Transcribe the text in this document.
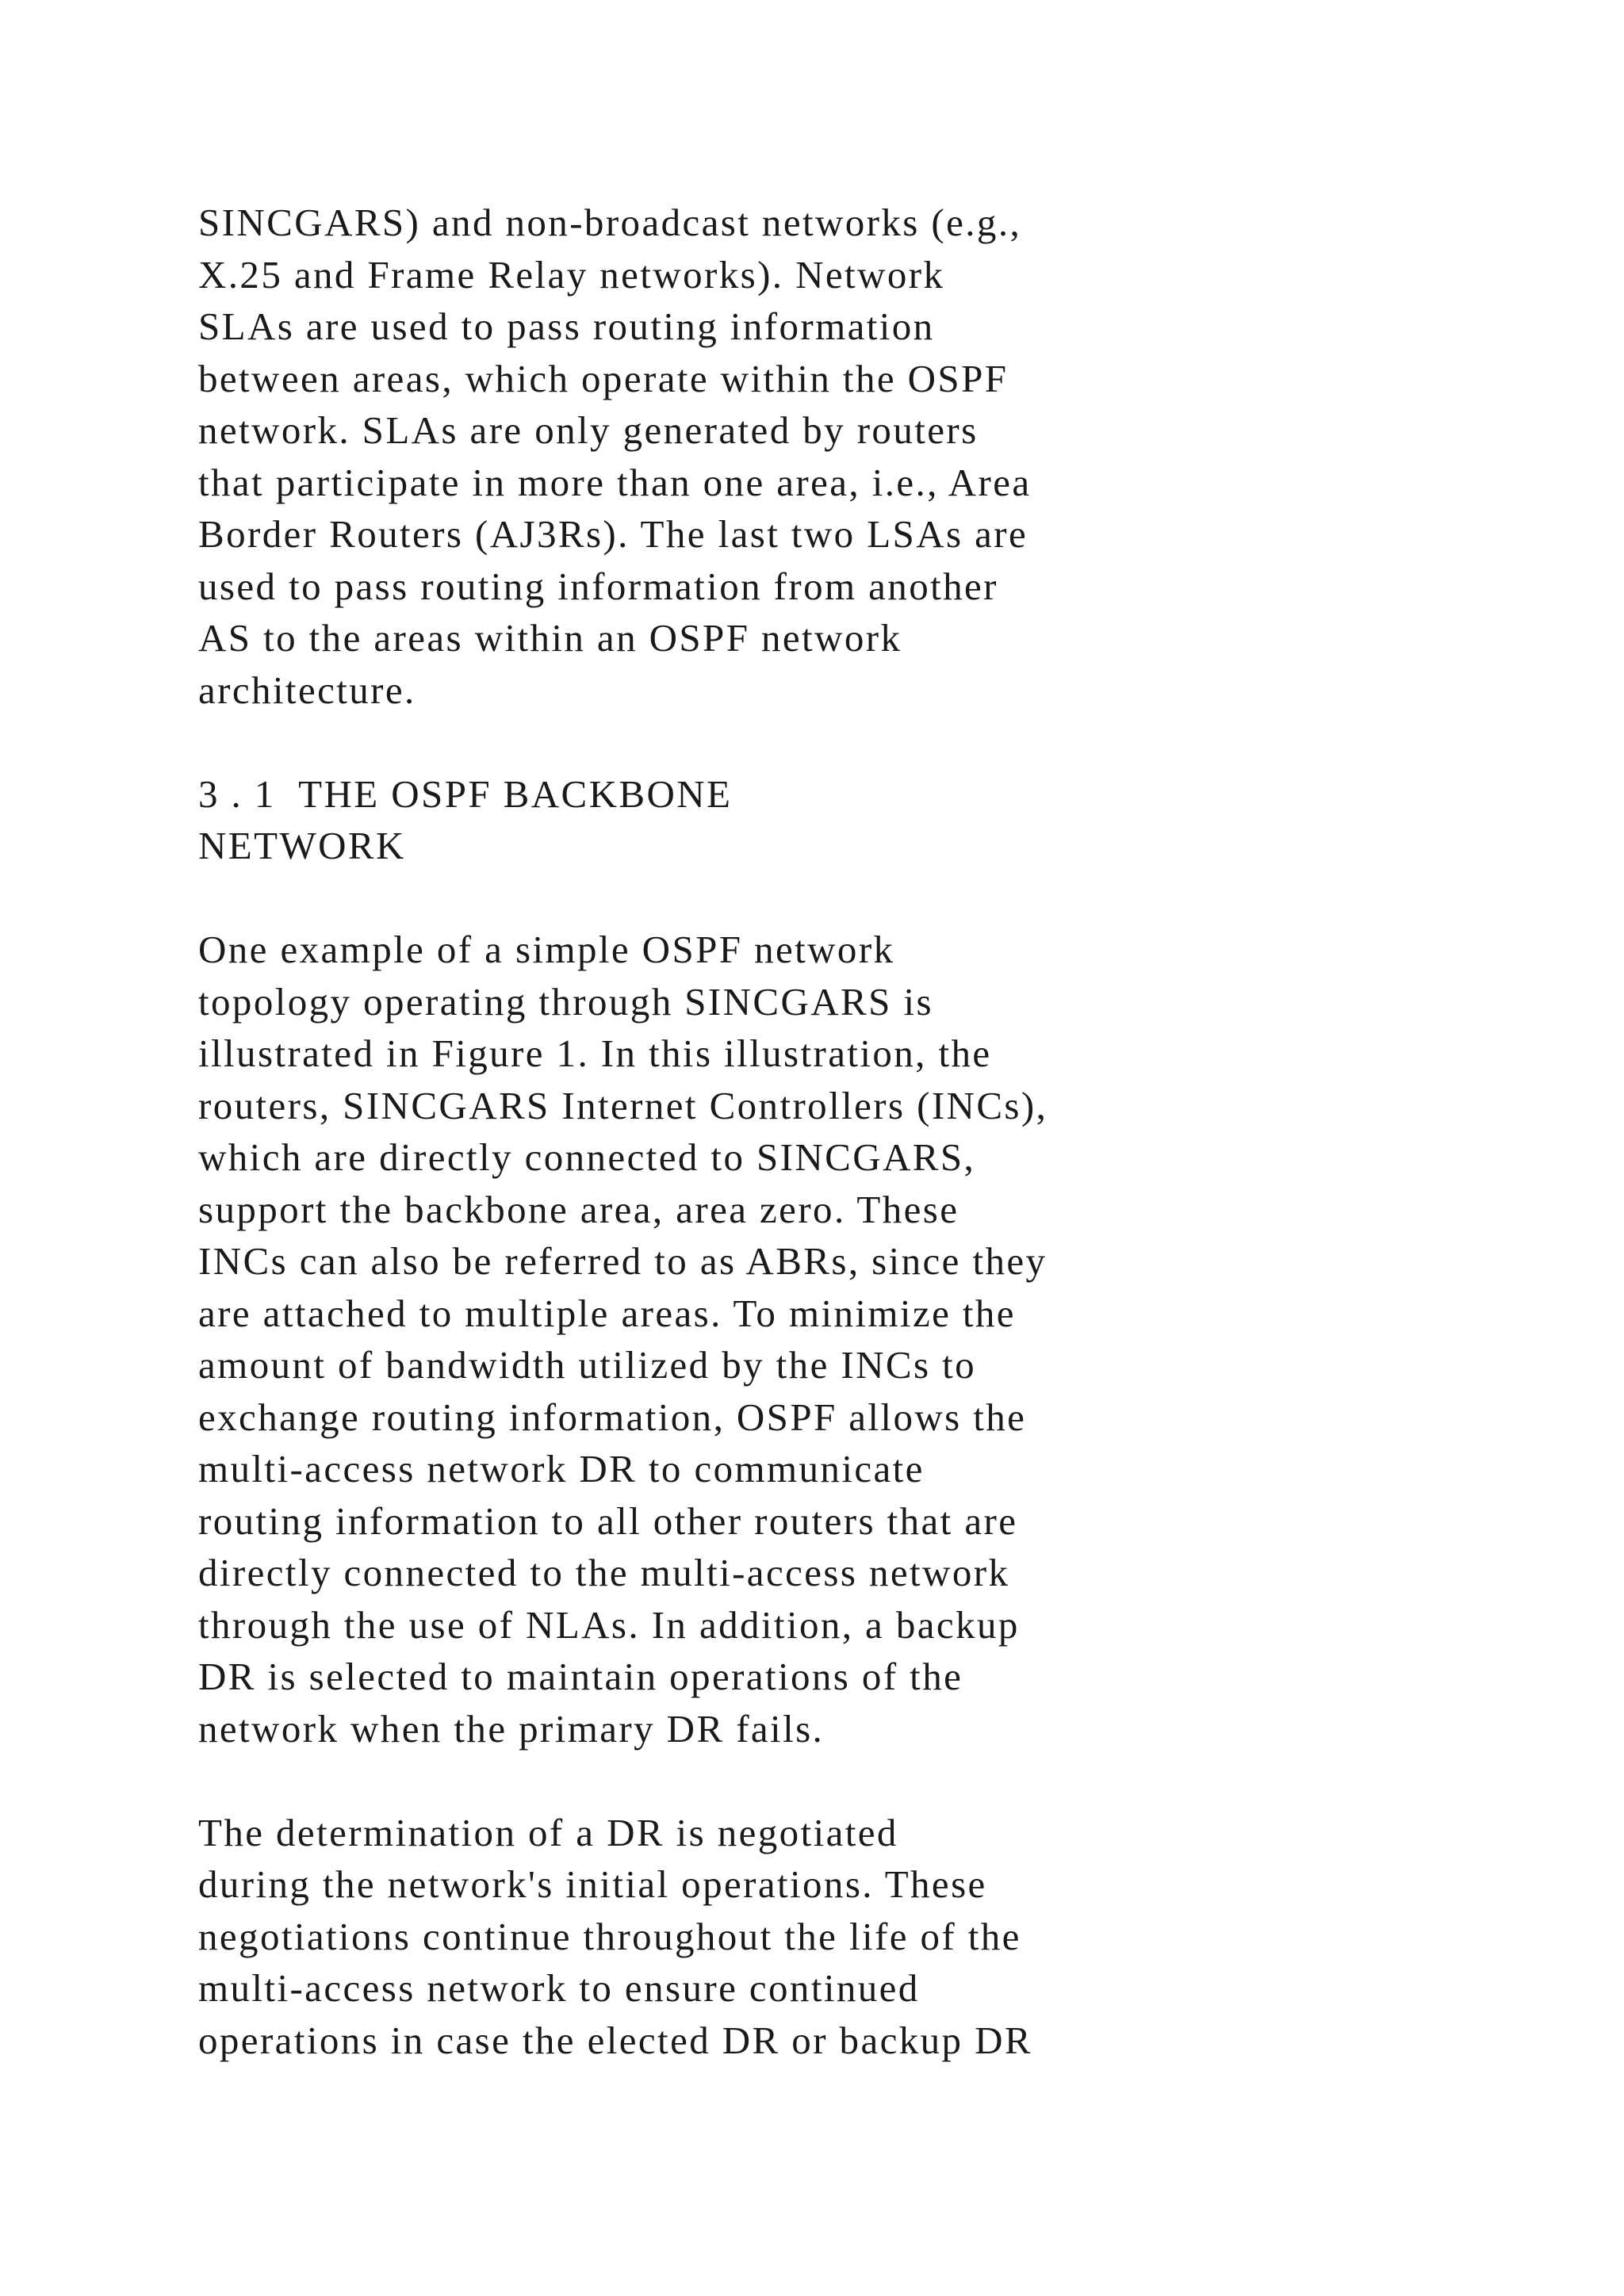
SINCGARS) and non-broadcast networks (e.g.,
X.25 and Frame Relay networks). Network
SLAs are used to pass routing information
between areas, which operate within the OSPF
network. SLAs are only generated by routers
that participate in more than one area, i.e., Area
Border Routers (AJ3Rs). The last two LSAs are
used to pass routing information from another
AS to the areas within an OSPF network
architecture.

3 . 1  THE OSPF BACKBONE
NETWORK

One example of a simple OSPF network
topology operating through SINCGARS is
illustrated in Figure 1. In this illustration, the
routers, SINCGARS Internet Controllers (INCs),
which are directly connected to SINCGARS,
support the backbone area, area zero. These
INCs can also be referred to as ABRs, since they
are attached to multiple areas. To minimize the
amount of bandwidth utilized by the INCs to
exchange routing information, OSPF allows the
multi-access network DR to communicate
routing information to all other routers that are
directly connected to the multi-access network
through the use of NLAs. In addition, a backup
DR is selected to maintain operations of the
network when the primary DR fails.

The determination of a DR is negotiated
during the network's initial operations. These
negotiations continue throughout the life of the
multi-access network to ensure continued
operations in case the elected DR or backup DR
